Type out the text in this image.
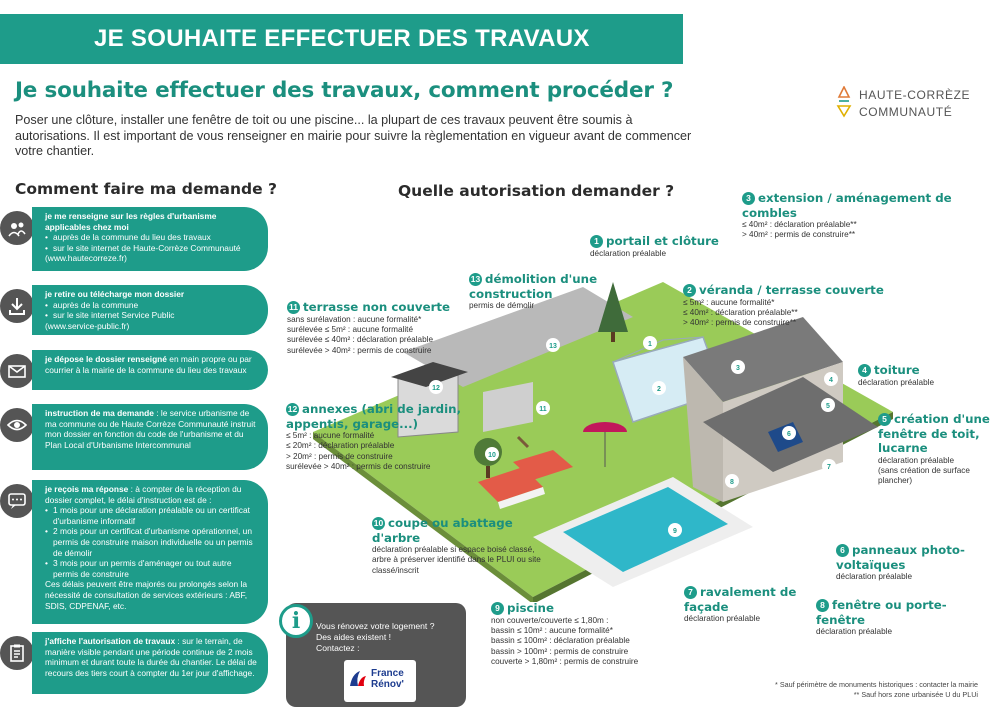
JE SOUHAITE EFFECTUER DES TRAVAUX
Je souhaite effectuer des travaux, comment procéder ?
Poser une clôture, installer une fenêtre de toit ou une piscine... la plupart de ces travaux peuvent être soumis à autorisations. Il est important de vous renseigner en mairie pour suivre la règlementation en vigueur avant de commencer votre chantier.
HAUTE-CORRÈZE
COMMUNAUTÉ
Comment faire ma demande ?	Quelle autorisation demander ?
je me renseigne sur les règles d'urbanisme applicables chez moi
• auprès de la commune du lieu des travaux
• sur le site internet de Haute-Corrèze Communauté
(www.hautecorreze.fr)
je retire ou télécharge mon dossier
• auprès de la commune
• sur le site internet Service Public
(www.service-public.fr)
je dépose le dossier renseigné en main propre ou par courrier à la mairie de la commune du lieu des travaux
instruction de ma demande : le service urbanisme de ma commune ou de Haute Corrèze Communauté instruit mon dossier en fonction du code de l'urbanisme et du Plan Local d'Urbanisme Intercommunal
je reçois ma réponse : à compter de la réception du dossier complet, le délai d'instruction est de :
• 1 mois pour une déclaration préalable ou un certificat d'urbanisme informatif
• 2 mois pour un certificat d'urbanisme opérationnel, un permis de construire maison individuelle ou un permis de démolir
• 3 mois pour un permis d'aménager ou tout autre permis de construire
Ces délais peuvent être majorés ou prolongés selon la nécessité de consultation de services extérieurs : ABF, SDIS, CDPENAF, etc.
j'affiche l'autorisation de travaux : sur le terrain, de manière visible pendant une période continue de 2 mois minimum et durant toute la durée du chantier. Le délai de recours des tiers court à compter du 1er jour d'affichage.
13	1
2
3
4
5
6
7
8
9
10
11
12
1 portail et clôture
déclaration préalable
2 véranda / terrasse couverte
≤ 5m² : aucune formalité*
≤ 40m² : déclaration préalable**
> 40m² : permis de construire**
3 extension / aménagement de combles
≤ 40m² : déclaration préalable**
> 40m² : permis de construire**
4 toiture
déclaration préalable
5 création d'une fenêtre de toit, lucarne
déclaration préalable
(sans création de surface plancher)
6 panneaux photo-voltaïques
déclaration préalable
7 ravalement de façade
déclaration préalable
8 fenêtre ou porte-fenêtre
déclaration préalable
9 piscine
non couverte/couverte ≤ 1,80m :
bassin ≤ 10m² : aucune formalité*
bassin ≤ 100m² : déclaration préalable
bassin > 100m² : permis de construire
couverte > 1,80m² : permis de construire
10 coupe ou abattage d'arbre
déclaration préalable si espace boisé classé, arbre à préserver identifié dans le PLUI ou site classé/inscrit
11 terrasse non couverte
sans surélavation : aucune formalité*
surélevée ≤ 5m² : aucune formalité
surélevée ≤ 40m² : déclaration préalable
surélevée > 40m² : permis de construire
12 annexes (abri de jardin, appentis, garage...)
≤ 5m² : aucune formalité
≤ 20m² : déclaration préalable
> 20m² : permis de construire
surélevée > 40m² : permis de construire
13 démolition d'une construction
permis de démolir
i	Vous rénovez votre logement ?
Des aides existent !
Contactez :
France
Rénov'	* Sauf périmètre de monuments historiques : contacter la mairie
** Sauf hors zone urbanisée U du PLUi
